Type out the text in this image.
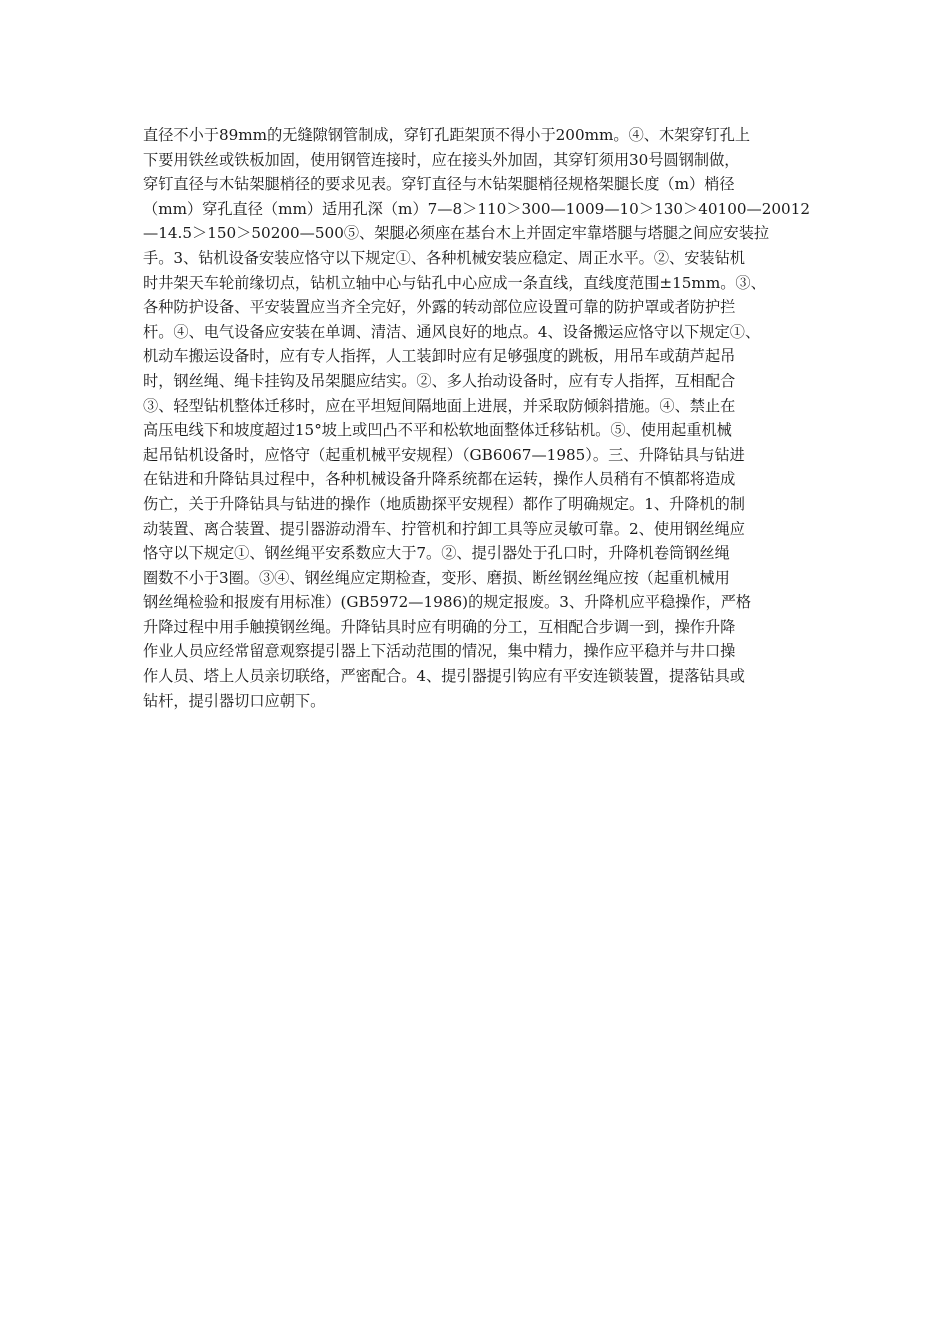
直径不小于89mm的无缝隙钢管制成，穿钉孔距架顶不得小于200mm。④、木架穿钉孔上
下要用铁丝或铁板加固，使用钢管连接时，应在接头外加固，其穿钉须用30号圆钢制做，
穿钉直径与木钻架腿梢径的要求见表。穿钉直径与木钻架腿梢径规格架腿长度（m）梢径
（mm）穿孔直径（mm）适用孔深（m）7—8＞110＞300—1009—10＞130＞40100—20012
—14.5＞150＞50200—500⑤、架腿必须座在基台木上并固定牢靠塔腿与塔腿之间应安装拉
手。3、钻机设备安装应恪守以下规定①、各种机械安装应稳定、周正水平。②、安装钻机
时井架天车轮前缘切点，钻机立轴中心与钻孔中心应成一条直线，直线度范围±15mm。③、
各种防护设备、平安装置应当齐全完好，外露的转动部位应设置可靠的防护罩或者防护拦
杆。④、电气设备应安装在单调、清洁、通风良好的地点。4、设备搬运应恪守以下规定①、
机动车搬运设备时，应有专人指挥，人工装卸时应有足够强度的跳板，用吊车或葫芦起吊
时，钢丝绳、绳卡挂钩及吊架腿应结实。②、多人抬动设备时，应有专人指挥，互相配合
③、轻型钻机整体迁移时，应在平坦短间隔地面上进展，并采取防倾斜措施。④、禁止在
高压电线下和坡度超过15°坡上或凹凸不平和松软地面整体迁移钻机。⑤、使用起重机械
起吊钻机设备时，应恪守（起重机械平安规程）（GB6067—1985）。三、升降钻具与钻进
在钻进和升降钻具过程中，各种机械设备升降系统都在运转，操作人员稍有不慎都将造成
伤亡，关于升降钻具与钻进的操作（地质勘探平安规程）都作了明确规定。1、升降机的制
动装置、离合装置、提引器游动滑车、拧管机和拧卸工具等应灵敏可靠。2、使用钢丝绳应
恪守以下规定①、钢丝绳平安系数应大于7。②、提引器处于孔口时，升降机卷筒钢丝绳
圈数不小于3圈。③④、钢丝绳应定期检查，变形、磨损、断丝钢丝绳应按（起重机械用
钢丝绳检验和报废有用标准）(GB5972—1986)的规定报废。3、升降机应平稳操作，严格
升降过程中用手触摸钢丝绳。升降钻具时应有明确的分工，互相配合步调一到，操作升降
作业人员应经常留意观察提引器上下活动范围的情况，集中精力，操作应平稳并与井口操
作人员、塔上人员亲切联络，严密配合。4、提引器提引钩应有平安连锁装置，提落钻具或
钻杆，提引器切口应朝下。
